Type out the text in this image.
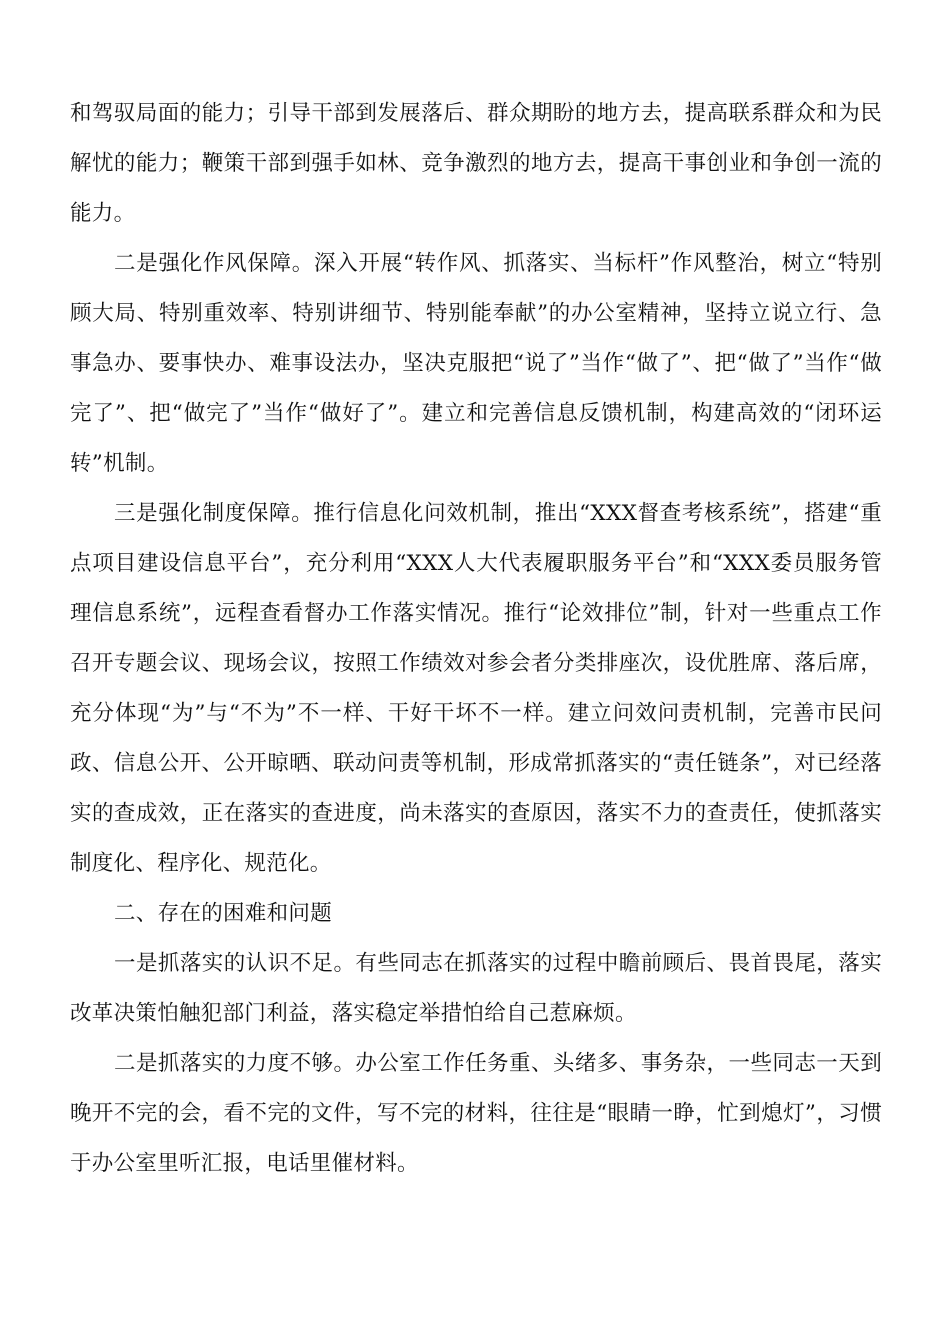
和驾驭局面的能力；引导干部到发展落后、群众期盼的地方去，提高联系群众和为民解忧的能力；鞭策干部到强手如林、竞争激烈的地方去，提高干事创业和争创一流的能力。

二是强化作风保障。深入开展“转作风、抓落实、当标杆”作风整治，树立“特别顾大局、特别重效率、特别讲细节、特别能奉献”的办公室精神，坚持立说立行、急事急办、要事快办、难事设法办，坚决克服把“说了”当作“做了”、把“做了”当作“做完了”、把“做完了”当作“做好了”。建立和完善信息反馈机制，构建高效的“闭环运转”机制。

三是强化制度保障。推行信息化问效机制，推出“XXX督查考核系统”，搭建“重点项目建设信息平台”，充分利用“XXX人大代表履职服务平台”和“XXX委员服务管理信息系统”，远程查看督办工作落实情况。推行“论效排位”制，针对一些重点工作召开专题会议、现场会议，按照工作绩效对参会者分类排座次，设优胜席、落后席，充分体现“为”与“不为”不一样、干好干坏不一样。建立问效问责机制，完善市民问政、信息公开、公开晾晒、联动问责等机制，形成常抓落实的“责任链条”，对已经落实的查成效，正在落实的查进度，尚未落实的查原因，落实不力的查责任，使抓落实制度化、程序化、规范化。

二、存在的困难和问题

一是抓落实的认识不足。有些同志在抓落实的过程中瞻前顾后、畏首畏尾，落实改革决策怕触犯部门利益，落实稳定举措怕给自己惹麻烦。

二是抓落实的力度不够。办公室工作任务重、头绪多、事务杂，一些同志一天到晚开不完的会，看不完的文件，写不完的材料，往往是“眼睛一睁，忙到熄灯”，习惯于办公室里听汇报，电话里催材料。
